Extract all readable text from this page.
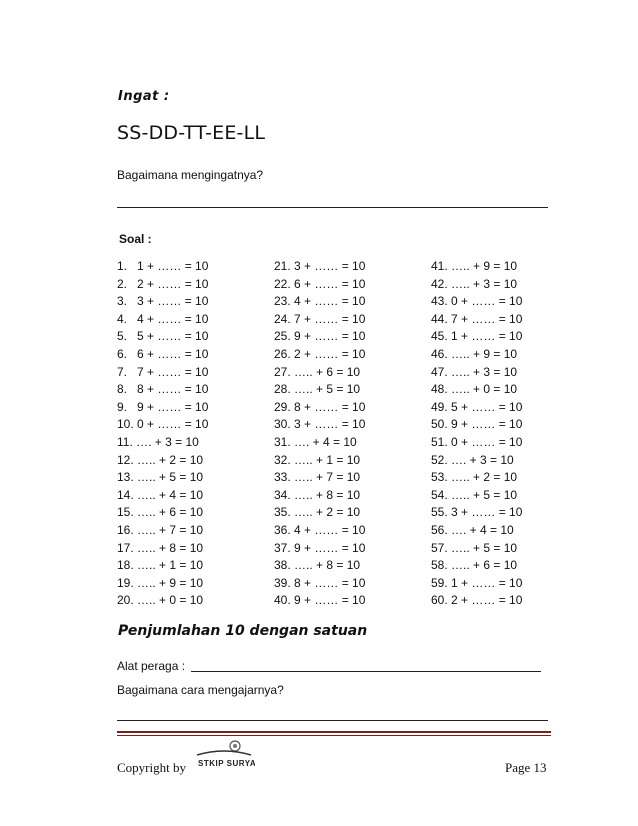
Ingat :
SS-DD-TT-EE-LL
Bagaimana mengingatnya?
Soal :
1.   1 + …… = 10
2.   2 + …… = 10
3.   3 + …… = 10
4.   4 + …… = 10
5.   5 + …… = 10
6.   6 + …… = 10
7.   7 + …… = 10
8.   8 + …… = 10
9.   9 + …… = 10
10. 0 + …… = 10
11. …. + 3 = 10
12. ….. + 2 = 10
13. ….. + 5 = 10
14. ….. + 4 = 10
15. ….. + 6 = 10
16. ….. + 7 = 10
17. ….. + 8 = 10
18. ….. + 1 = 10
19. ….. + 9 = 10
20. ….. + 0 = 10
21. 3 + …… = 10
22. 6 + …… = 10
23. 4 + …… = 10
24. 7 + …… = 10
25. 9 + …… = 10
26. 2 + …… = 10
27. ….. + 6 = 10
28. ….. + 5 = 10
29. 8 + …… = 10
30. 3 + …… = 10
31. …. + 4 = 10
32. ….. + 1 = 10
33. ….. + 7 = 10
34. ….. + 8 = 10
35. ….. + 2 = 10
36. 4 + …… = 10
37. 9 + …… = 10
38. ….. + 8 = 10
39. 8 + …… = 10
40. 9 + …… = 10
41. ….. + 9 = 10
42. ….. + 3 = 10
43. 0 + …… = 10
44. 7 + …… = 10
45. 1 + …… = 10
46. ….. + 9 = 10
47. ….. + 3 = 10
48. ….. + 0 = 10
49. 5 + …… = 10
50. 9 + …… = 10
51. 0 + …… = 10
52. …. + 3 = 10
53. ….. + 2 = 10
54. ….. + 5 = 10
55. 3 + …… = 10
56. …. + 4 = 10
57. ….. + 5 = 10
58. ….. + 6 = 10
59. 1 + …… = 10
60. 2 + …… = 10
Penjumlahan 10 dengan satuan
Alat peraga :
Bagaimana cara mengajarnya?
Copyright by STKIP SURYA	Page 13
